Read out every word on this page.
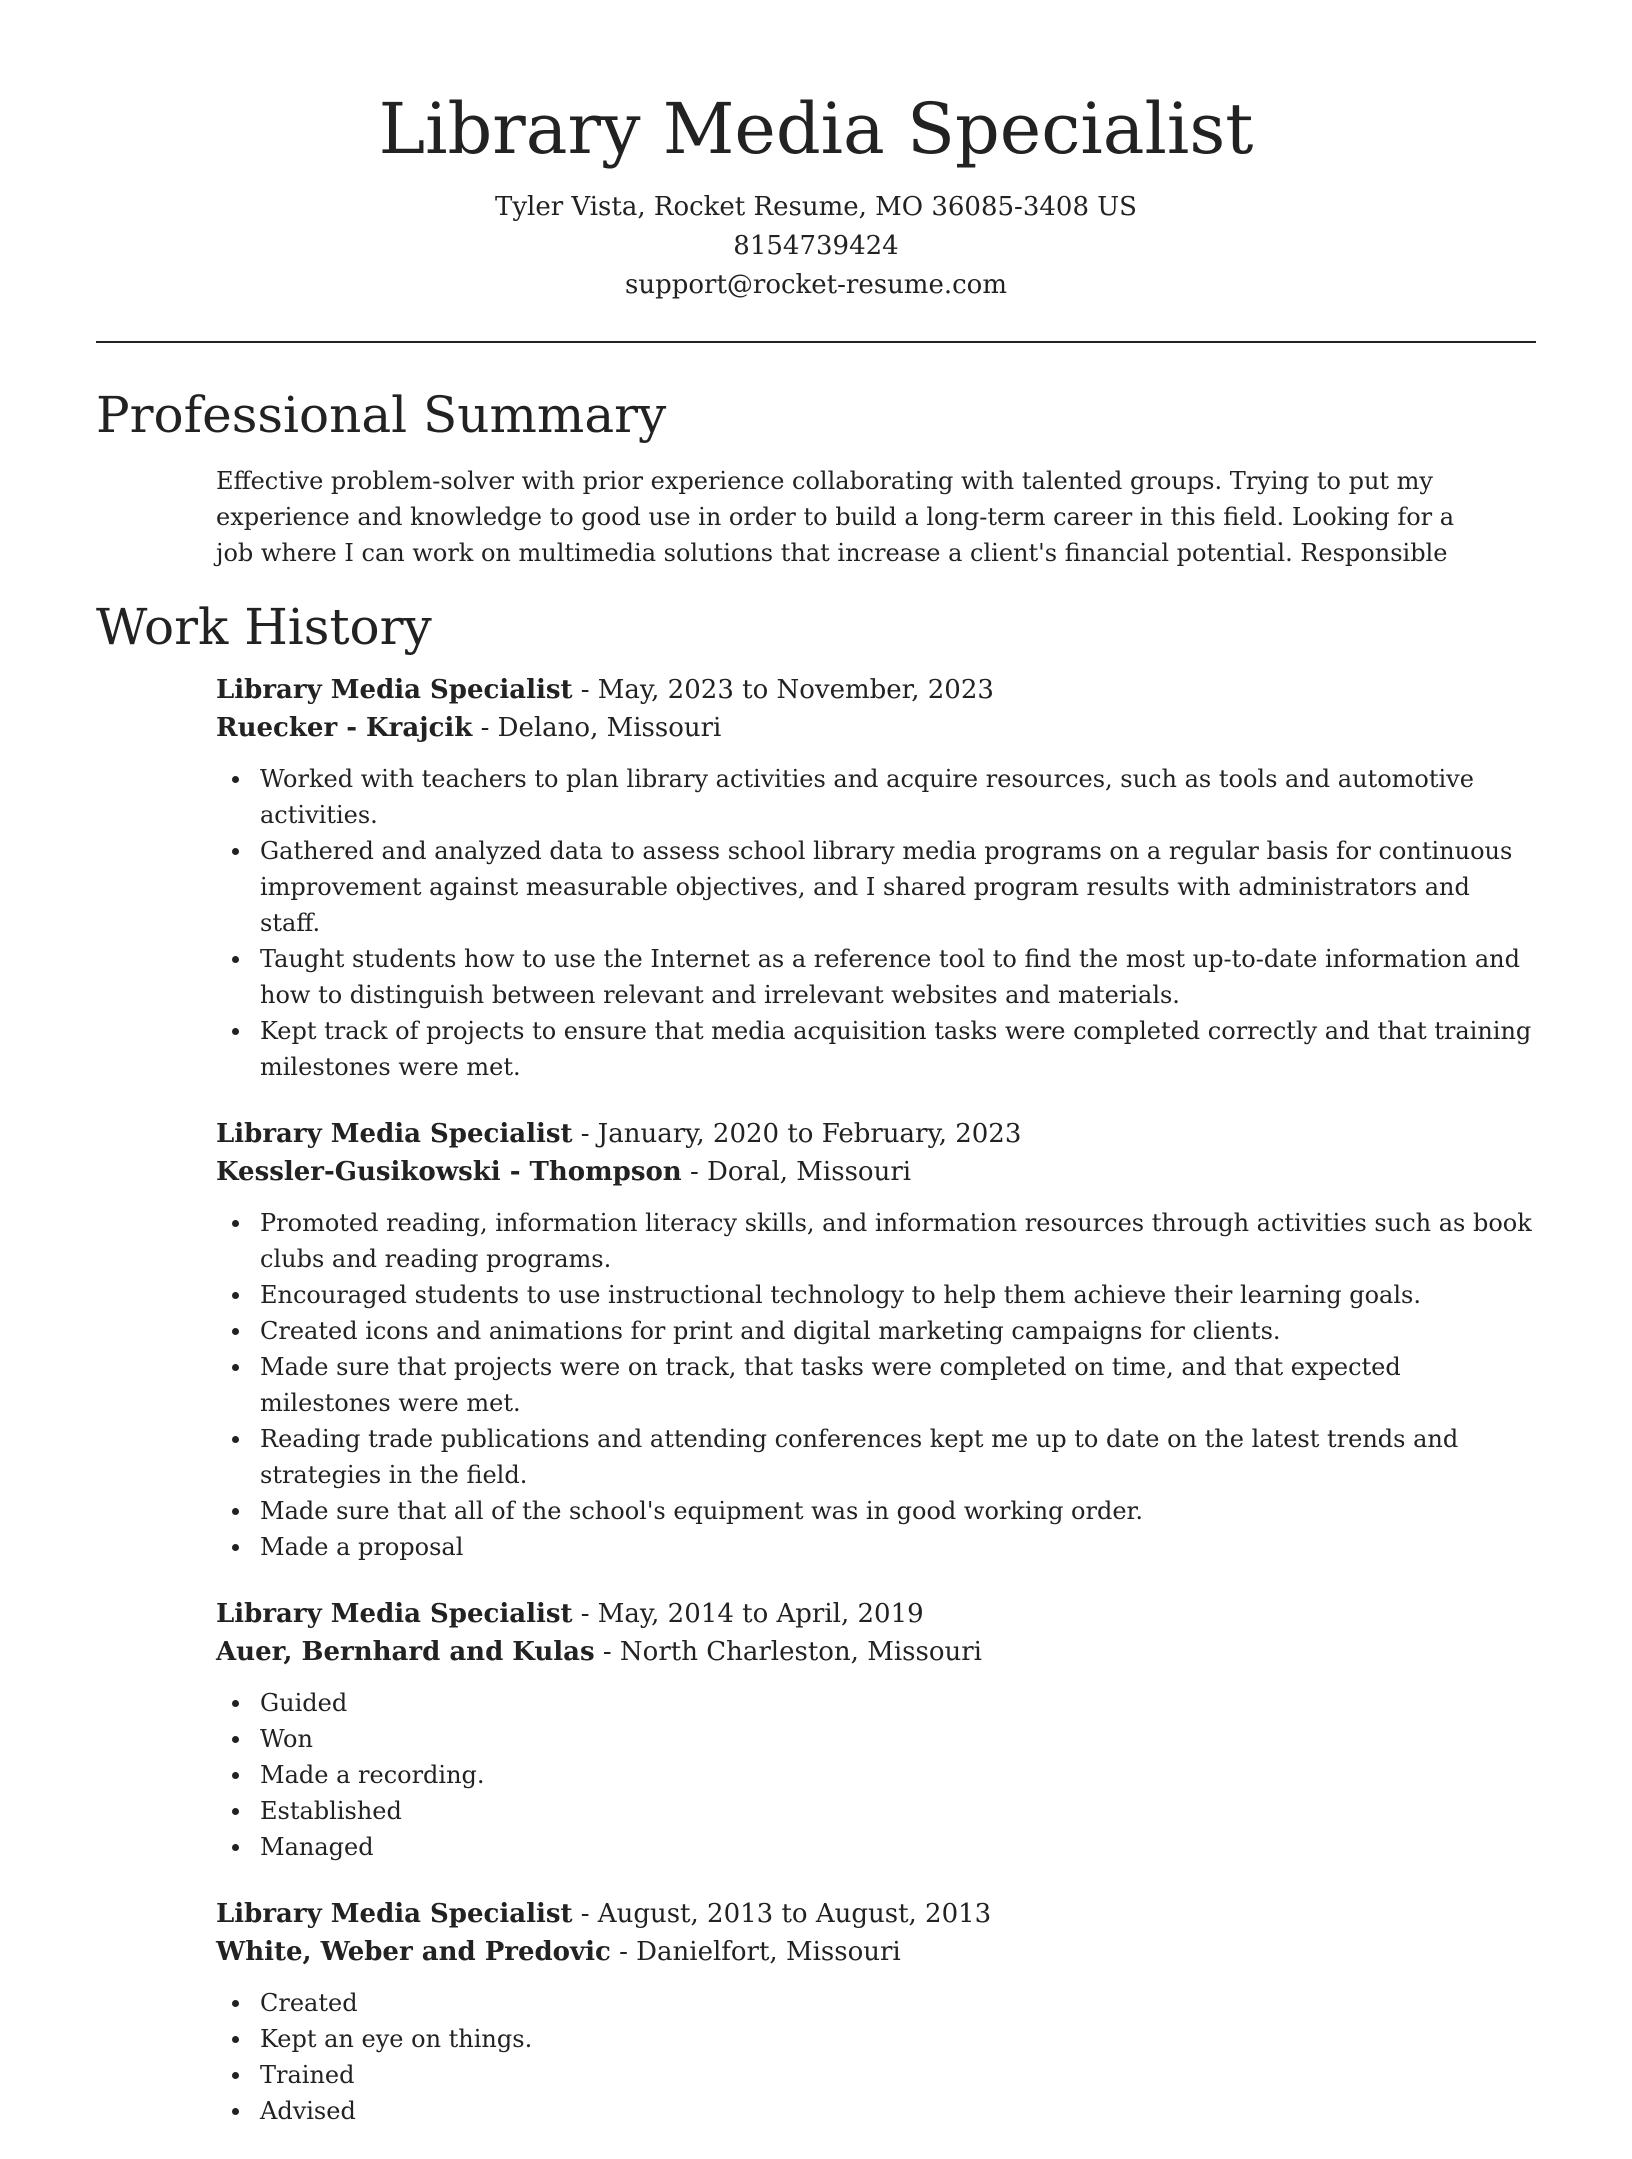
Library Media Specialist
Tyler Vista, Rocket Resume, MO 36085-3408 US
8154739424
support@rocket-resume.com
Professional Summary

Effective problem-solver with prior experience collaborating with talented groups. Trying to put my experience and knowledge to good use in order to build a long-term career in this field. Looking for a job where I can work on multimedia solutions that increase a client's financial potential. Responsible

Work History
Library Media Specialist - May, 2023 to November, 2023
Ruecker - Krajcik - Delano, Missouri
Worked with teachers to plan library activities and acquire resources, such as tools and automotive activities.
Gathered and analyzed data to assess school library media programs on a regular basis for continuous improvement against measurable objectives, and I shared program results with administrators and staff.
Taught students how to use the Internet as a reference tool to find the most up-to-date information and how to distinguish between relevant and irrelevant websites and materials.
Kept track of projects to ensure that media acquisition tasks were completed correctly and that training milestones were met.
Library Media Specialist - January, 2020 to February, 2023
Kessler-Gusikowski - Thompson - Doral, Missouri
Promoted reading, information literacy skills, and information resources through activities such as book clubs and reading programs.
Encouraged students to use instructional technology to help them achieve their learning goals.
Created icons and animations for print and digital marketing campaigns for clients.
Made sure that projects were on track, that tasks were completed on time, and that expected milestones were met.
Reading trade publications and attending conferences kept me up to date on the latest trends and strategies in the field.
Made sure that all of the school's equipment was in good working order.
Made a proposal
Library Media Specialist - May, 2014 to April, 2019
Auer, Bernhard and Kulas - North Charleston, Missouri
Guided
Won
Made a recording.
Established
Managed
Library Media Specialist - August, 2013 to August, 2013
White, Weber and Predovic - Danielfort, Missouri
Created
Kept an eye on things.
Trained
Advised
